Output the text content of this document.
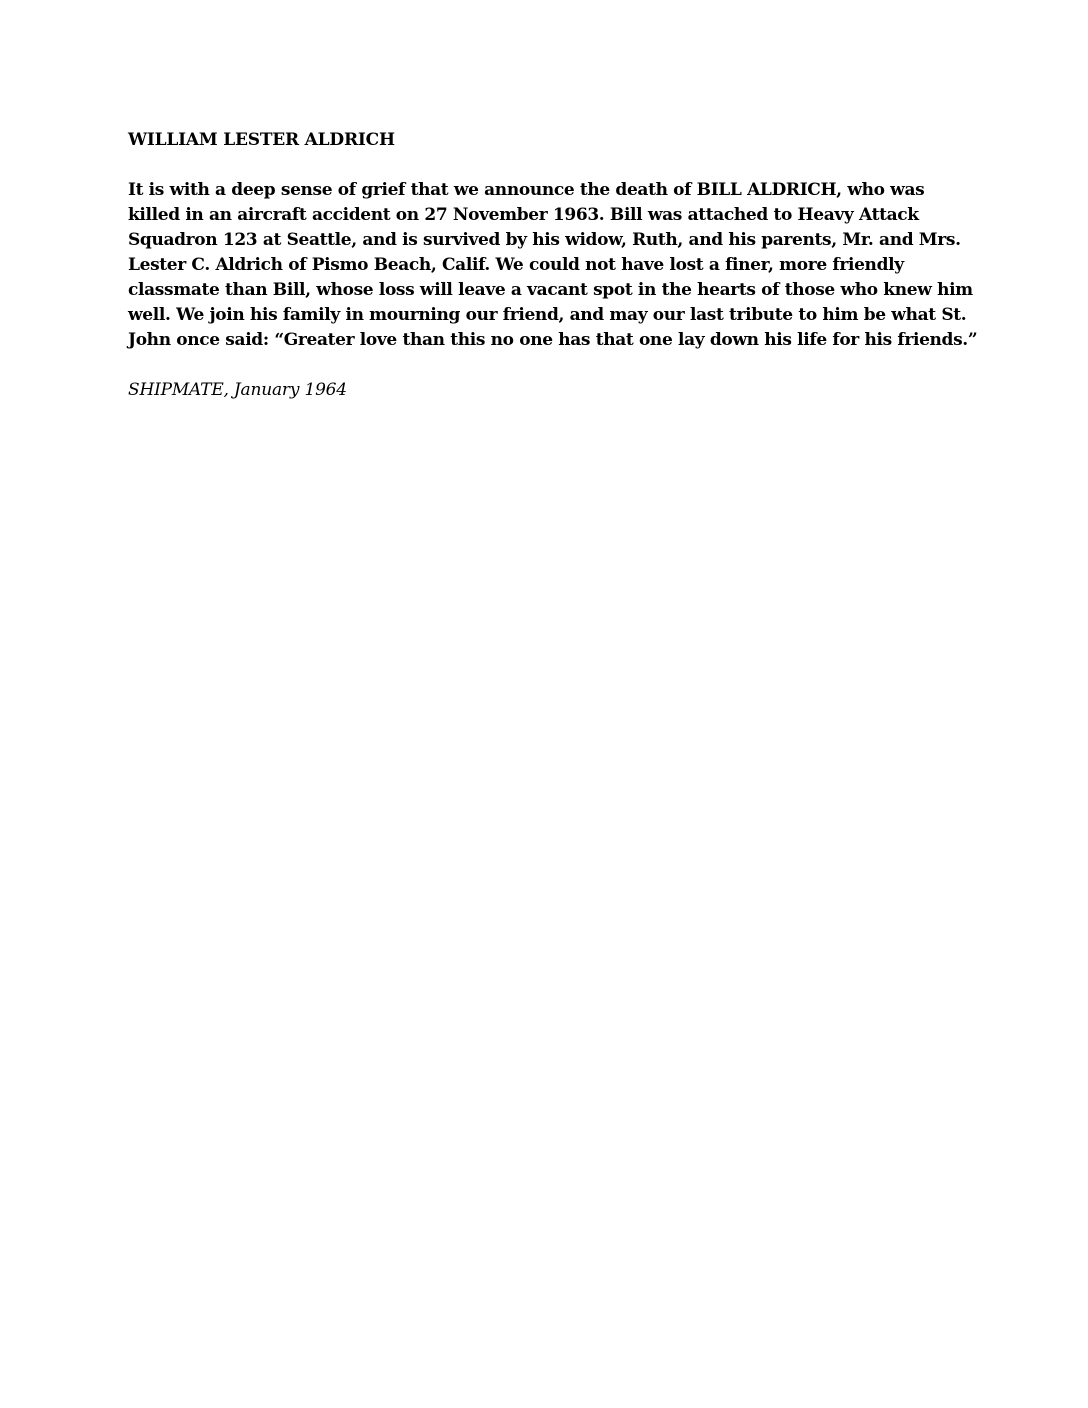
WILLIAM LESTER ALDRICH

It is with a deep sense of grief that we announce the death of BILL ALDRICH, who was
killed in an aircraft accident on 27 November 1963. Bill was attached to Heavy Attack
Squadron 123 at Seattle, and is survived by his widow, Ruth, and his parents, Mr. and Mrs.
Lester C. Aldrich of Pismo Beach, Calif. We could not have lost a finer, more friendly
classmate than Bill, whose loss will leave a vacant spot in the hearts of those who knew him
well. We join his family in mourning our friend, and may our last tribute to him be what St.
John once said: “Greater love than this no one has that one lay down his life for his friends.”

SHIPMATE, January 1964
